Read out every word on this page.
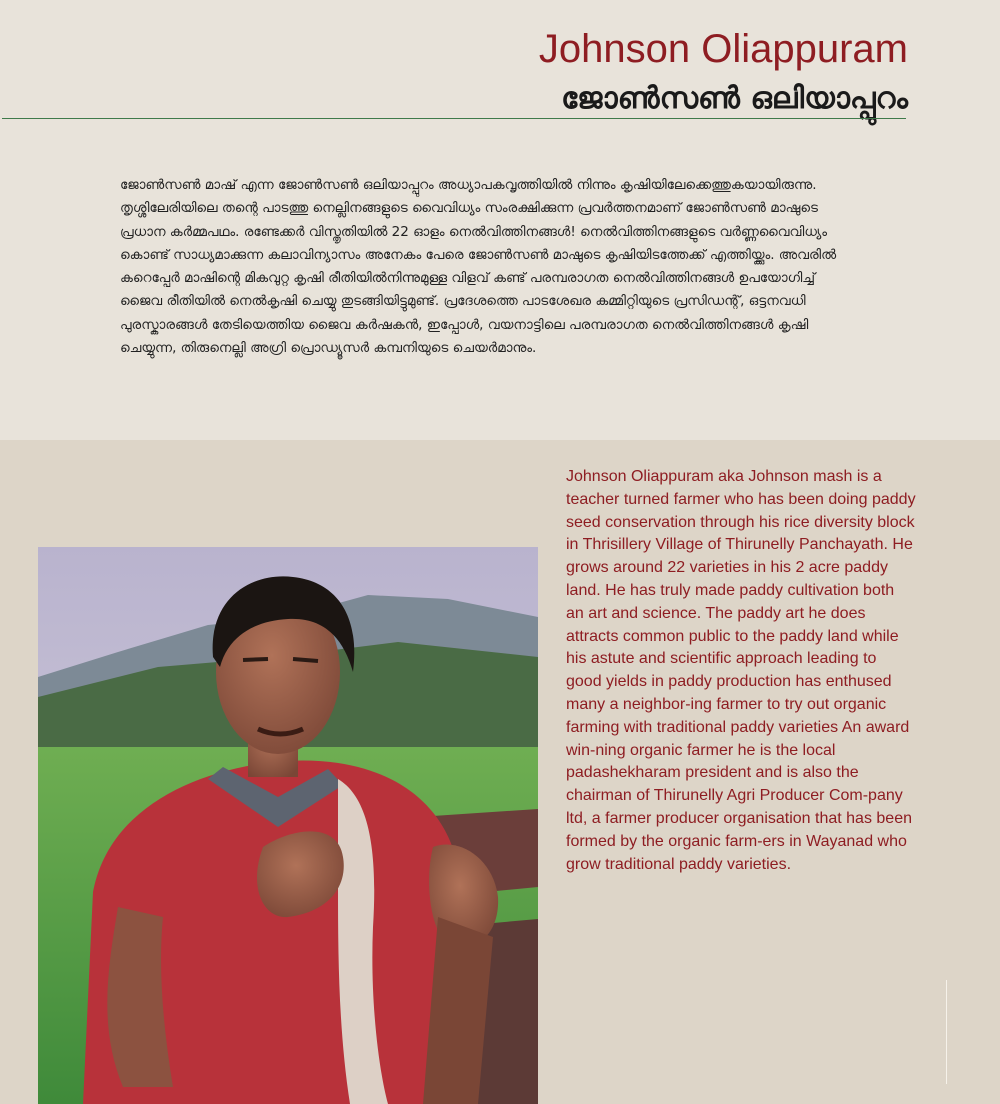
Johnson Oliappuram
ജോൺസൺ ഒലിയാപ്പുറം
ജോൺസൺ മാഷ് എന്ന ജോൺസൺ ഒലിയാപ്പുറം അധ്യാപകവൃത്തിയിൽ നിന്നും കൃഷിയിലേക്കെത്തുകയായിരുന്നു. തൃശ്ശിലേരിയിലെ തന്റെ പാടത്തു നെല്ലിനങ്ങളുടെ വൈവിധ്യം സംരക്ഷിക്കുന്ന പ്രവർത്തനമാണ് ജോൺസൺ മാഷുടെ പ്രധാന കർമ്മപഥം. രണ്ടേക്കർ വിസ്തൃതിയിൽ 22 ഓളം നെൽവിത്തിനങ്ങൾ! നെൽവിത്തിനങ്ങളുടെ വർണ്ണവൈവിധ്യം കൊണ്ട് സാധ്യമാക്കുന്ന കലാവിന്യാസം അനേകം പേരെ ജോൺസൺ മാഷുടെ കൃഷിയിടത്തേക്ക് എത്തിയ്ക്കും. അവരിൽ കറെപ്പേർ മാഷിന്റെ മികവുറ്റ കൃഷി രീതിയിൽനിന്നുമുള്ള വിളവ് കണ്ട് പരമ്പരാഗത നെൽവിത്തിനങ്ങൾ ഉപയോഗിച്ച് ജൈവ രീതിയിൽ നെൽകൃഷി ചെയ്യു തുടങ്ങിയിട്ടുമുണ്ട്. പ്രദേശത്തെ പാടശേഖര കമ്മിറ്റിയുടെ പ്രസിഡന്റ്, ഒട്ടനവധി പുരസ്കാരങ്ങൾ തേടിയെത്തിയ ജൈവ കർഷകൻ, ഇപ്പോൾ, വയനാട്ടിലെ പരമ്പരാഗത നെൽവിത്തിനങ്ങൾ കൃഷി ചെയ്യുന്ന, തിരുനെല്ലി അഗ്രി പ്രൊഡ്യൂസർ കമ്പനിയുടെ ചെയർമാനും.
Johnson Oliappuram aka Johnson mash is a teacher turned farmer who has been doing paddy seed conservation through his rice diversity block in Thrisillery Village of Thirunelly Panchayath. He grows around 22 varieties in his 2 acre paddy land. He has truly made paddy cultivation both an art and science. The paddy art he does attracts common public to the paddy land while his astute and scientific approach leading to good yields in paddy production has enthused many a neighbor-ing farmer to try out organic farming with traditional paddy varieties An award win-ning organic farmer he is the local padashekharam president and is also the chairman of Thirunelly Agri Producer Com-pany ltd, a farmer producer organisation that has been formed by the organic farm-ers in Wayanad who grow traditional paddy varieties.
